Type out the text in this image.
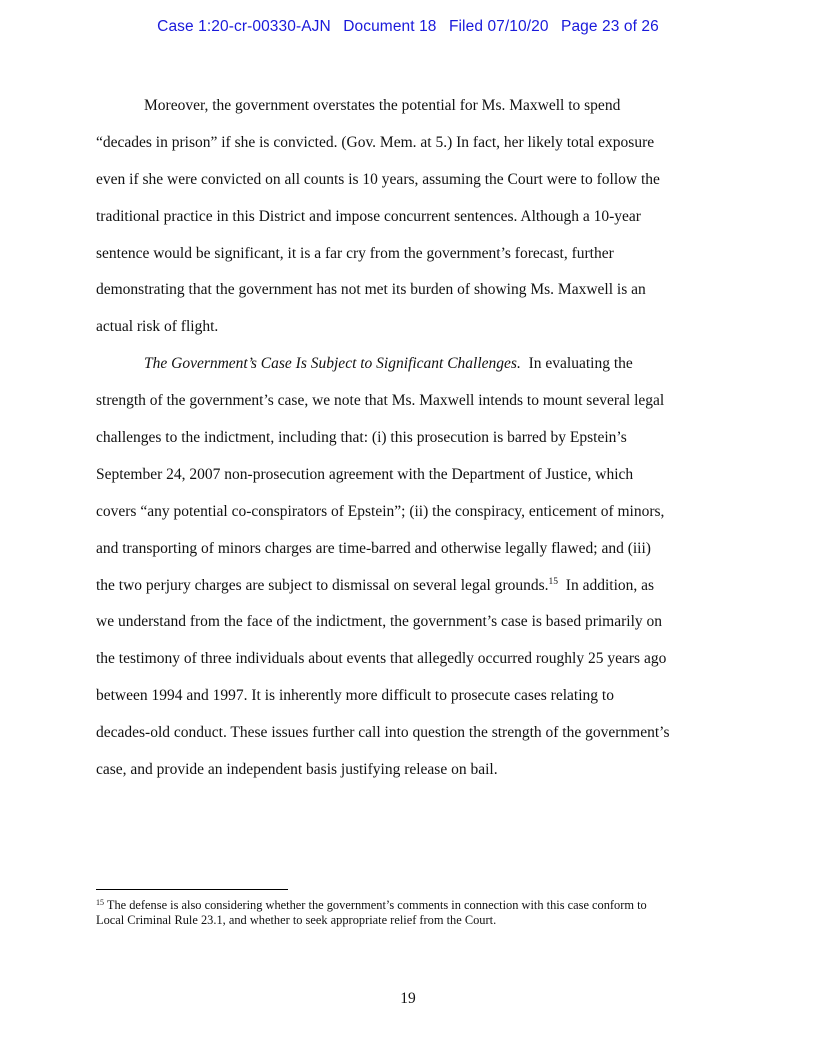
Case 1:20-cr-00330-AJN Document 18 Filed 07/10/20 Page 23 of 26
Moreover, the government overstates the potential for Ms. Maxwell to spend
“decades in prison” if she is convicted. (Gov. Mem. at 5.) In fact, her likely total exposure
even if she were convicted on all counts is 10 years, assuming the Court were to follow the
traditional practice in this District and impose concurrent sentences. Although a 10-year
sentence would be significant, it is a far cry from the government’s forecast, further
demonstrating that the government has not met its burden of showing Ms. Maxwell is an
actual risk of flight.
The Government’s Case Is Subject to Significant Challenges.  In evaluating the
strength of the government’s case, we note that Ms. Maxwell intends to mount several legal
challenges to the indictment, including that: (i) this prosecution is barred by Epstein’s
September 24, 2007 non-prosecution agreement with the Department of Justice, which
covers “any potential co-conspirators of Epstein”; (ii) the conspiracy, enticement of minors,
and transporting of minors charges are time-barred and otherwise legally flawed; and (iii)
the two perjury charges are subject to dismissal on several legal grounds.$^{15}$  In addition, as
we understand from the face of the indictment, the government’s case is based primarily on
the testimony of three individuals about events that allegedly occurred roughly 25 years ago
between 1994 and 1997. It is inherently more difficult to prosecute cases relating to
decades-old conduct. These issues further call into question the strength of the government’s
case, and provide an independent basis justifying release on bail.
$^{15}$ The defense is also considering whether the government’s comments in connection with this case conform to
Local Criminal Rule 23.1, and whether to seek appropriate relief from the Court.
19
